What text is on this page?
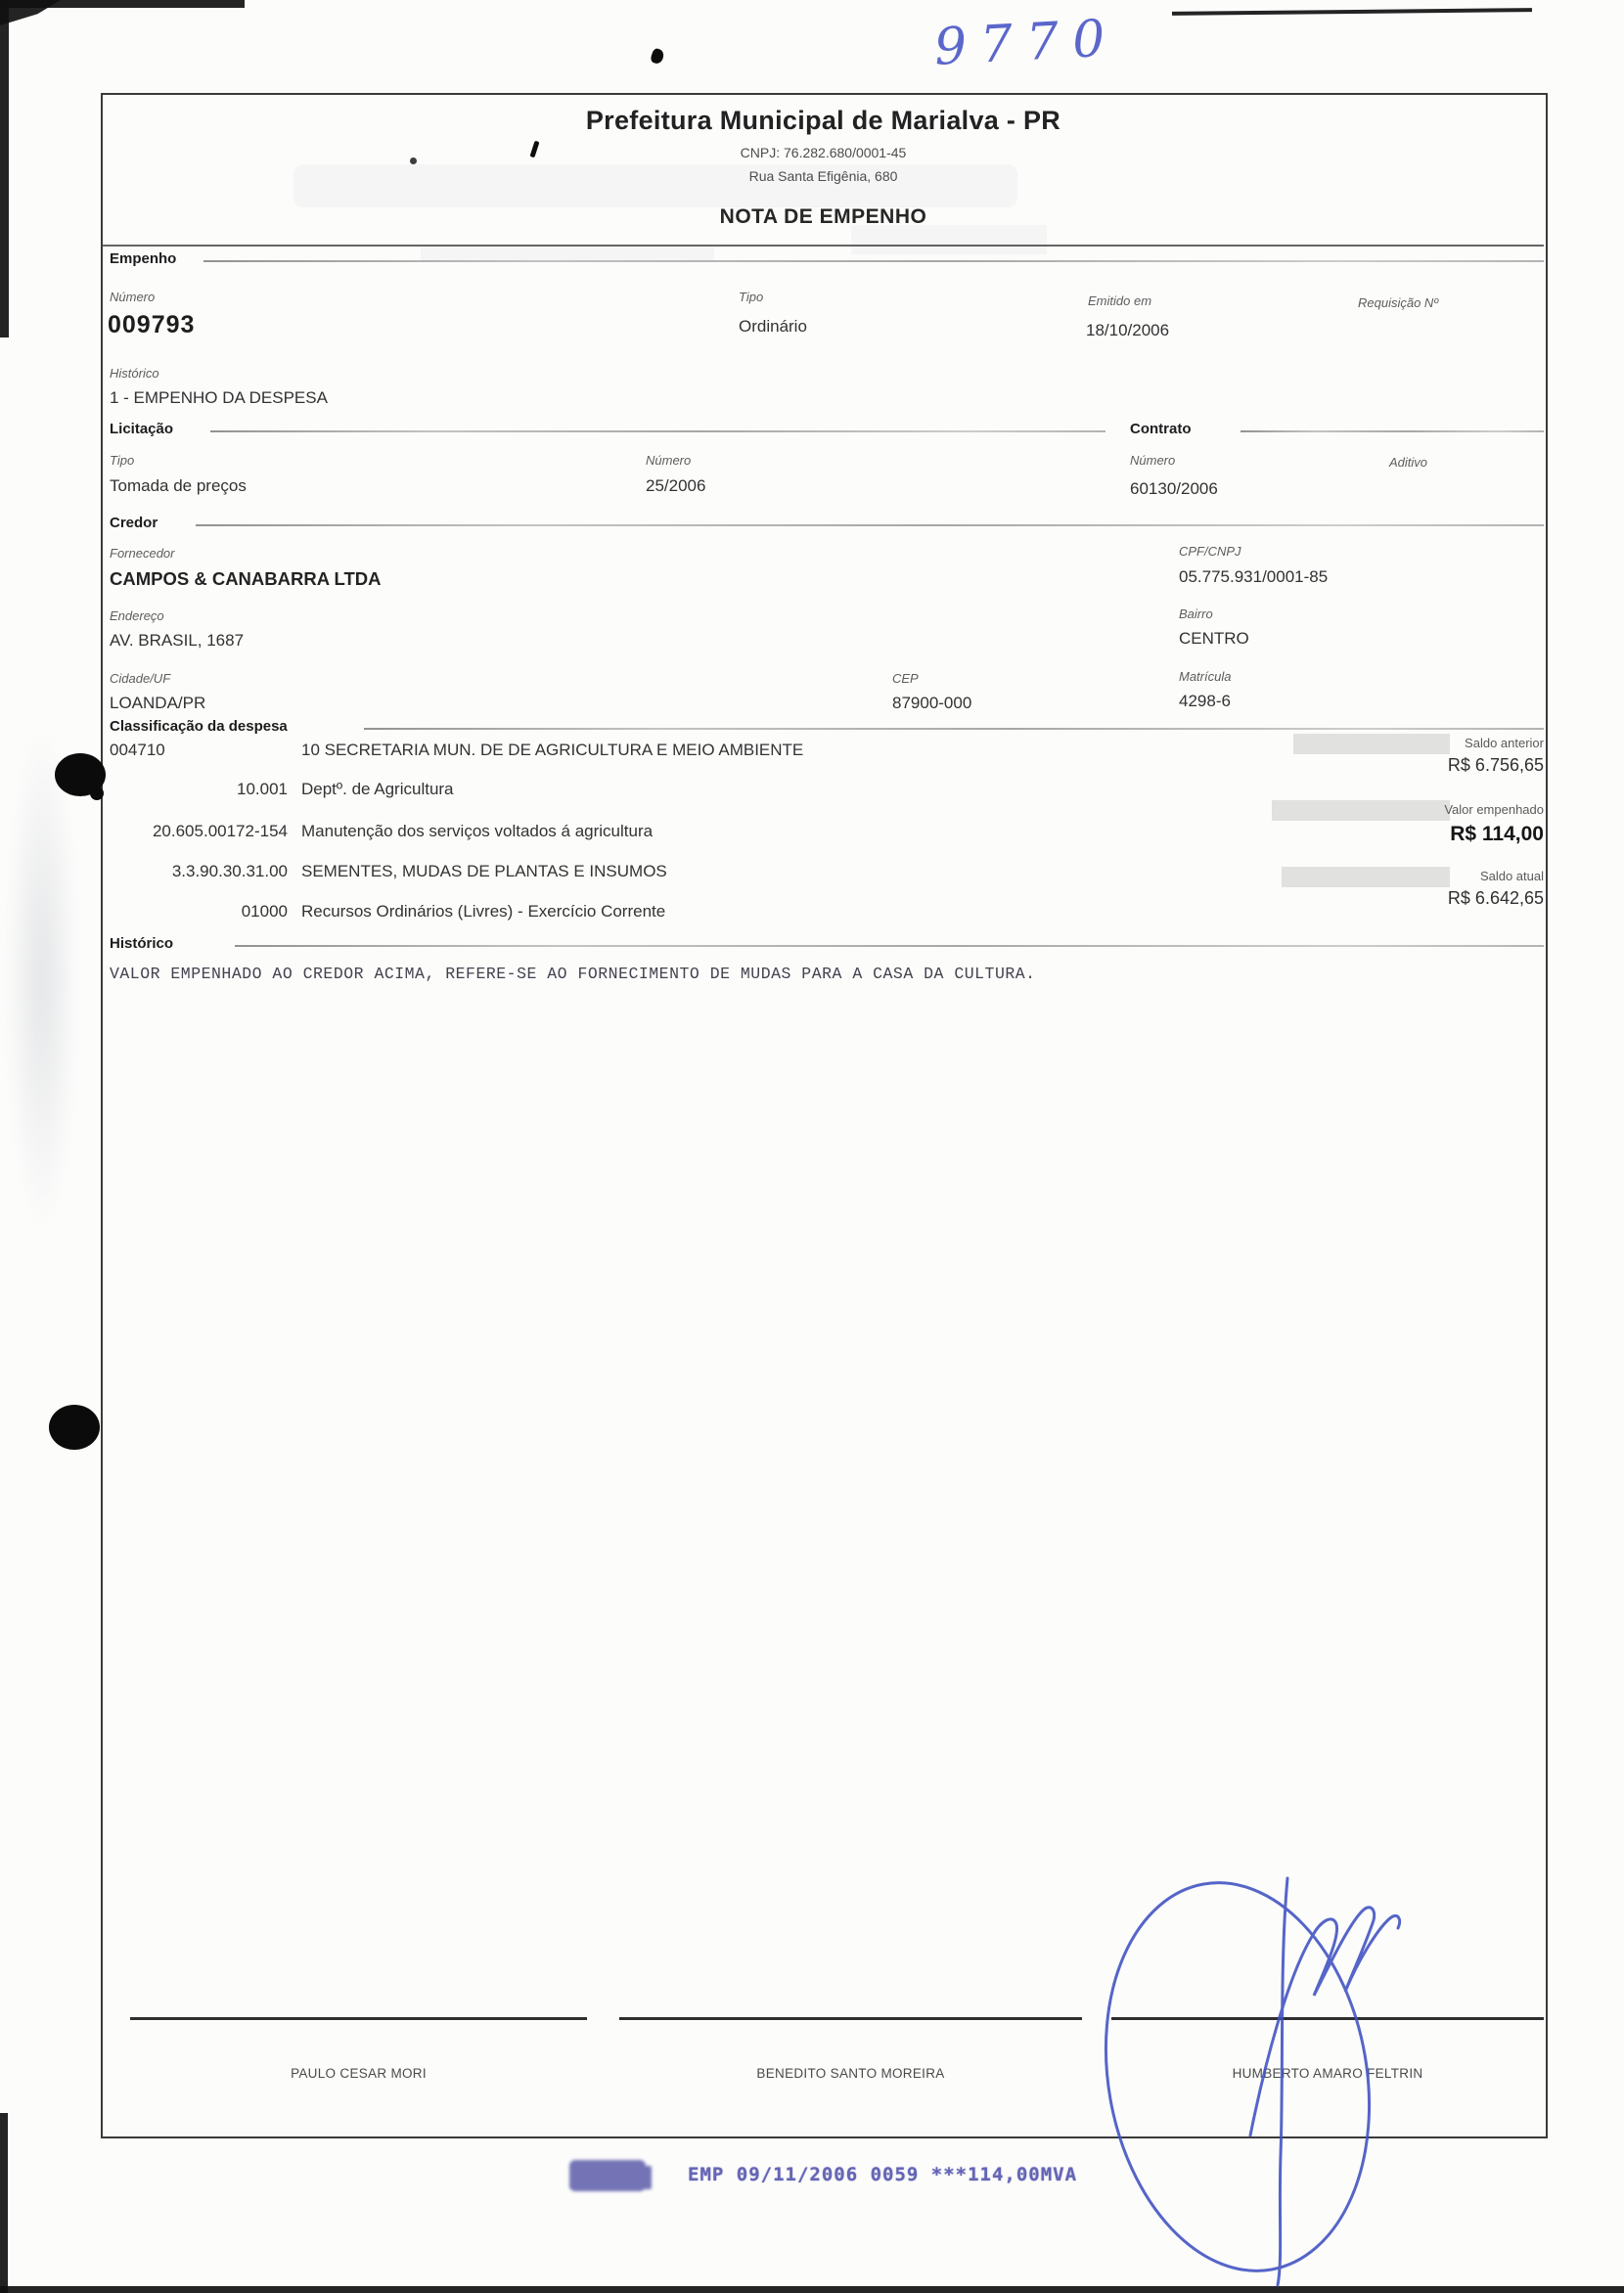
9770
Prefeitura Municipal de Marialva - PR
CNPJ: 76.282.680/0001-45
Rua Santa Efigênia, 680
NOTA DE EMPENHO
Empenho
Número
009793
Tipo
Ordinário
Emitido em
18/10/2006
Requisição Nº
Histórico
1 - EMPENHO DA DESPESA
Licitação
Tipo
Tomada de preços
Número
25/2006
Contrato
Número
60130/2006
Aditivo
Credor
Fornecedor
CAMPOS & CANABARRA LTDA
CPF/CNPJ
05.775.931/0001-85
Endereço
AV. BRASIL, 1687
Bairro
CENTRO
Cidade/UF
LOANDA/PR
CEP
87900-000
Matrícula
4298-6
Classificação da despesa
004710	10 SECRETARIA MUN. DE DE AGRICULTURA E MEIO AMBIENTE
10.001 Deptº. de Agricultura
20.605.00172-154 Manutenção dos serviços voltados á agricultura
3.3.90.30.31.00 SEMENTES, MUDAS DE PLANTAS E INSUMOS
01000 Recursos Ordinários (Livres) - Exercício Corrente
Saldo anterior
R$ 6.756,65
Valor empenhado
R$ 114,00
Saldo atual
R$ 6.642,65
Histórico
VALOR EMPENHADO AO CREDOR ACIMA, REFERE-SE AO FORNECIMENTO DE MUDAS PARA A CASA DA CULTURA.
PAULO CESAR MORI	BENEDITO SANTO MOREIRA	HUMBERTO AMARO FELTRIN
EMP 09/11/2006 0059 ***114,00MVA
